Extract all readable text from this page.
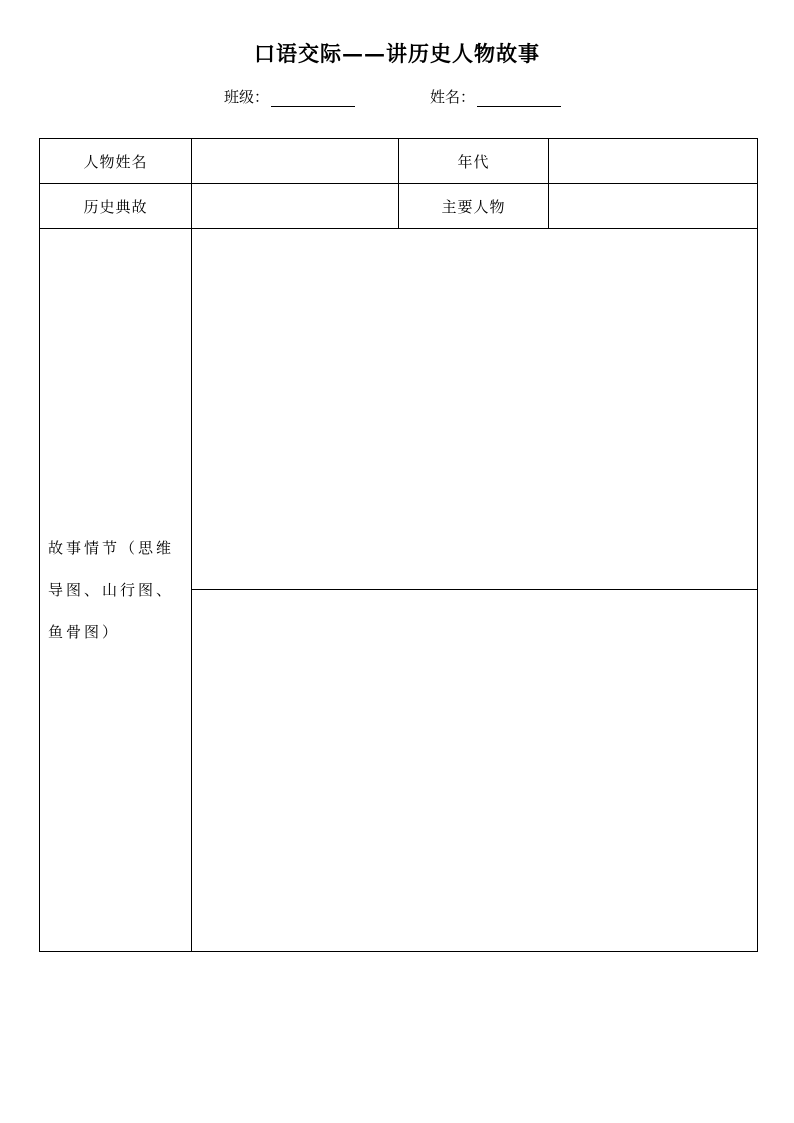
口语交际——讲历史人物故事
班级：	姓名：
人物姓名		年代	
历史典故		主要人物	
故事情节（思维导图、山行图、鱼骨图）			
